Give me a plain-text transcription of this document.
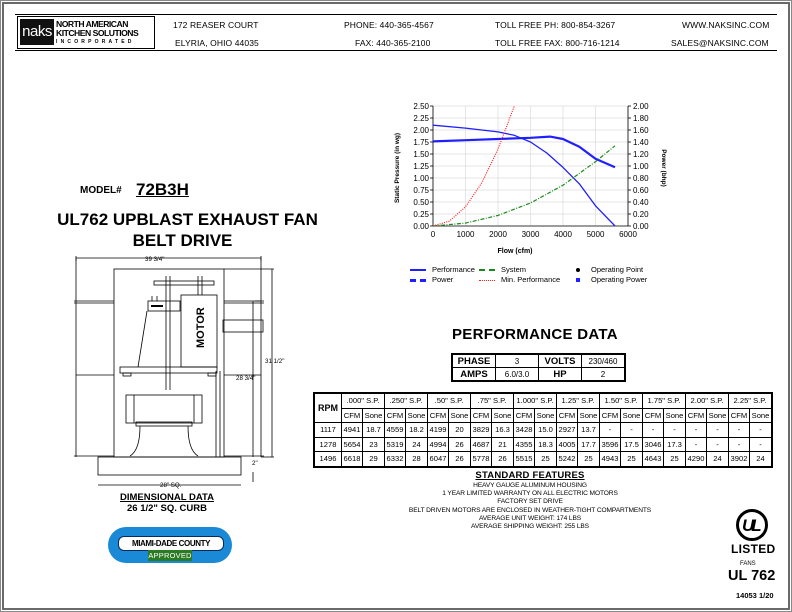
naks NORTH AMERICAN
KITCHEN SOLUTIONS
INCORPORATED
172 REASER COURT
ELYRIA, OHIO 44035
PHONE: 440-365-4567
FAX: 440-365-2100
TOLL FREE PH: 800-854-3267
TOLL FREE FAX: 800-716-1214
WWW.NAKSINC.COM
SALES@NAKSINC.COM
MODEL# 72B3H
UL762 UPBLAST EXHAUST FAN
BELT DRIVE
39 3/4"
31 1/2"
28 3/4"
2"
28" SQ.
MOTOR
DIMENSIONAL DATA
26 1/2" SQ. CURB
MIAMI-DADE COUNTY
APPROVED
0	1000 2000 3000 4000 5000 6000
0.00
0.25
0.50
0.75
1.00
1.25
1.50
1.75
2.00
2.25
2.50
0.00
0.20
0.40
0.60
0.80
1.00
1.20
1.40
1.60
1.80
2.00
Flow (cfm)
Static Pressure (in wg)	Power (bhp)
Performance
Power
System
Min. Performance
Operating Point
Operating Power
PERFORMANCE DATA
PHASE	3	VOLTS	230/460
AMPS	6.0/3.0	HP	2
RPM	.000" S.P.		.250" S.P.		.50" S.P.		.75" S.P.		1.000" S.P.		1.25" S.P.		1.50" S.P.		1.75" S.P.		2.00" S.P.		2.25" S.P.	
	CFM	Sone	CFM	Sone	CFM	Sone	CFM	Sone	CFM	Sone	CFM	Sone	CFM	Sone	CFM	Sone	CFM	Sone	CFM	Sone
1117	4941	18.7	4559	18.2	4199	20	3829	16.3	3428	15.0	2927	13.7	-	-	-	-	-	-	-	-
1278	5654	23	5319	24	4994	26	4687	21	4355	18.3	4005	17.7	3596	17.5	3046	17.3	-	-	-	-
1496	6618	29	6332	28	6047	26	5778	26	5515	25	5242	25	4943	25	4643	25	4290	24	3902	24
STANDARD FEATURES
HEAVY GAUGE ALUMINUM HOUSING
1 YEAR LIMITED WARRANTY ON ALL ELECTRIC MOTORS
FACTORY SET DRIVE
BELT DRIVEN MOTORS ARE ENCLOSED IN WEATHER-TIGHT COMPARTMENTS
AVERAGE UNIT WEIGHT: 174 LBS
AVERAGE SHIPPING WEIGHT: 255 LBS	UL
LISTED
FANS
UL 762
14053 1/20
